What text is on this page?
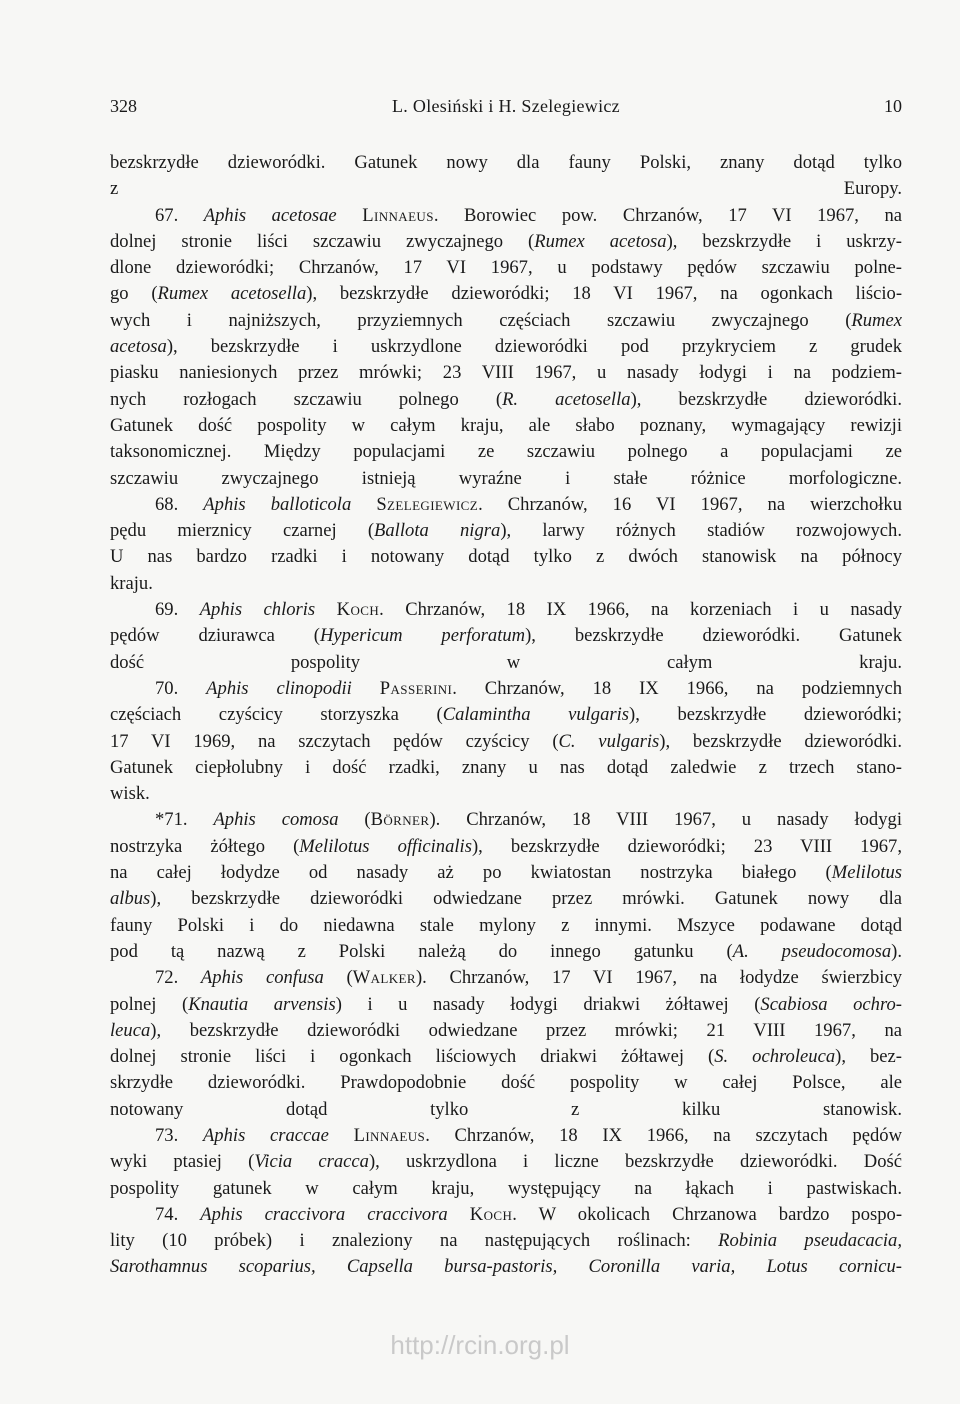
328	L. Olesiński i H. Szelegiewicz	10
bezskrzydłe dzieworódki. Gatunek nowy dla fauny Polski, znany dotąd tylko
z Europy.
67. Aphis acetosae Linnaeus. Borowiec pow. Chrzanów, 17 VI 1967, na
dolnej stronie liści szczawiu zwyczajnego (Rumex acetosa), bezskrzydłe i uskrzy-
dlone dzieworódki; Chrzanów, 17 VI 1967, u podstawy pędów szczawiu polne-
go (Rumex acetosella), bezskrzydłe dzieworódki; 18 VI 1967, na ogonkach liścio-
wych i najniższych, przyziemnych częściach szczawiu zwyczajnego (Rumex
acetosa), bezskrzydłe i uskrzydlone dzieworódki pod przykryciem z grudek
piasku naniesionych przez mrówki; 23 VIII 1967, u nasady łodygi i na podziem-
nych rozłogach szczawiu polnego (R. acetosella), bezskrzydłe dzieworódki.
Gatunek dość pospolity w całym kraju, ale słabo poznany, wymagający rewizji
taksonomicznej. Między populacjami ze szczawiu polnego a populacjami ze
szczawiu zwyczajnego istnieją wyraźne i stałe różnice morfologiczne.
68. Aphis balloticola Szelegiewicz. Chrzanów, 16 VI 1967, na wierzchołku
pędu mierznicy czarnej (Ballota nigra), larwy różnych stadiów rozwojowych.
U nas bardzo rzadki i notowany dotąd tylko z dwóch stanowisk na północy
kraju.
69. Aphis chloris Koch. Chrzanów, 18 IX 1966, na korzeniach i u nasady
pędów dziurawca (Hypericum perforatum), bezskrzydłe dzieworódki. Gatunek
dość pospolity w całym kraju.
70. Aphis clinopodii Passerini. Chrzanów, 18 IX 1966, na podziemnych
częściach czyścicy storzyszka (Calamintha vulgaris), bezskrzydłe dzieworódki;
17 VI 1969, na szczytach pędów czyścicy (C. vulgaris), bezskrzydłe dzieworódki.
Gatunek ciepłolubny i dość rzadki, znany u nas dotąd zaledwie z trzech stano-
wisk.
*71. Aphis comosa (Börner). Chrzanów, 18 VIII 1967, u nasady łodygi
nostrzyka żółtego (Melilotus officinalis), bezskrzydłe dzieworódki; 23 VIII 1967,
na całej łodydze od nasady aż po kwiatostan nostrzyka białego (Melilotus
albus), bezskrzydłe dzieworódki odwiedzane przez mrówki. Gatunek nowy dla
fauny Polski i do niedawna stale mylony z innymi. Mszyce podawane dotąd
pod tą nazwą z Polski należą do innego gatunku (A. pseudocomosa).
72. Aphis confusa (Walker). Chrzanów, 17 VI 1967, na łodydze świerzbicy
polnej (Knautia arvensis) i u nasady łodygi driakwi żółtawej (Scabiosa ochro-
leuca), bezskrzydłe dzieworódki odwiedzane przez mrówki; 21 VIII 1967, na
dolnej stronie liści i ogonkach liściowych driakwi żółtawej (S. ochroleuca), bez-
skrzydłe dzieworódki. Prawdopodobnie dość pospolity w całej Polsce, ale
notowany dotąd tylko z kilku stanowisk.
73. Aphis craccae Linnaeus. Chrzanów, 18 IX 1966, na szczytach pędów
wyki ptasiej (Vicia cracca), uskrzydlona i liczne bezskrzydłe dzieworódki. Dość
pospolity gatunek w całym kraju, występujący na łąkach i pastwiskach.
74. Aphis craccivora craccivora Koch. W okolicach Chrzanowa bardzo pospo-
lity (10 próbek) i znaleziony na następujących roślinach: Robinia pseudacacia,
Sarothamnus scoparius, Capsella bursa-pastoris, Coronilla varia, Lotus cornicu-
http://rcin.org.pl
